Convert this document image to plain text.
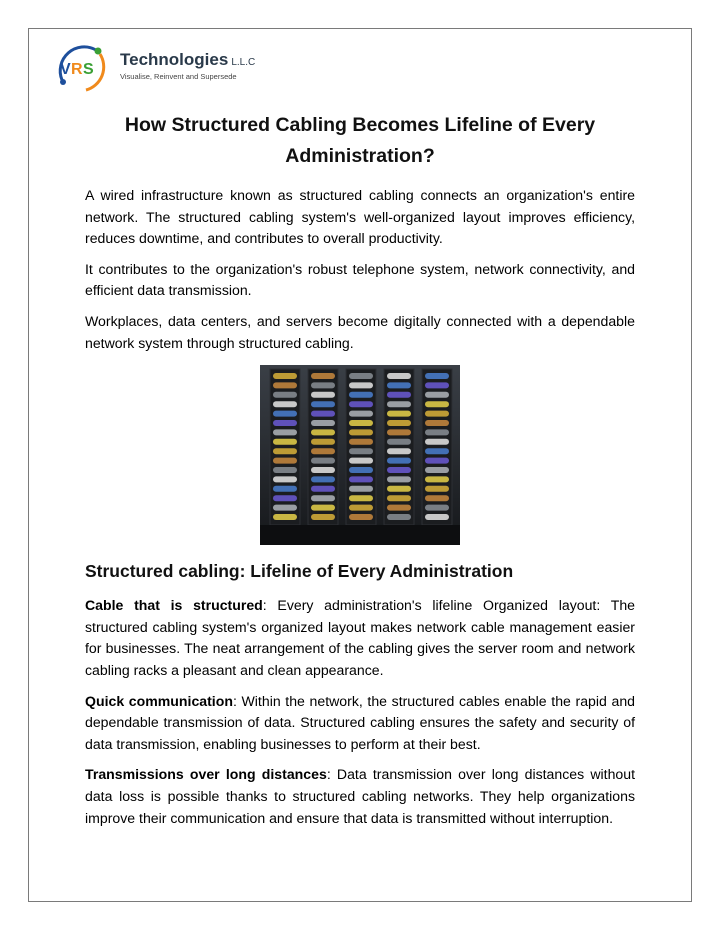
V R S
Technologies L.L.C
Visualise, Reinvent and Supersede
How Structured Cabling Becomes Lifeline of Every Administration?

A wired infrastructure known as structured cabling connects an organization's entire network. The structured cabling system's well-organized layout improves efficiency, reduces downtime, and contributes to overall productivity.

It contributes to the organization's robust telephone system, network connectivity, and efficient data transmission.

Workplaces, data centers, and servers become digitally connected with a dependable network system through structured cabling.

Structured cabling: Lifeline of Every Administration

Cable that is structured: Every administration's lifeline Organized layout: The structured cabling system's organized layout makes network cable management easier for businesses. The neat arrangement of the cabling gives the server room and network cabling racks a pleasant and clean appearance.

Quick communication: Within the network, the structured cables enable the rapid and dependable transmission of data. Structured cabling ensures the safety and security of data transmission, enabling businesses to perform at their best.

Transmissions over long distances: Data transmission over long distances without data loss is possible thanks to structured cabling networks. They help organizations improve their communication and ensure that data is transmitted without interruption.
